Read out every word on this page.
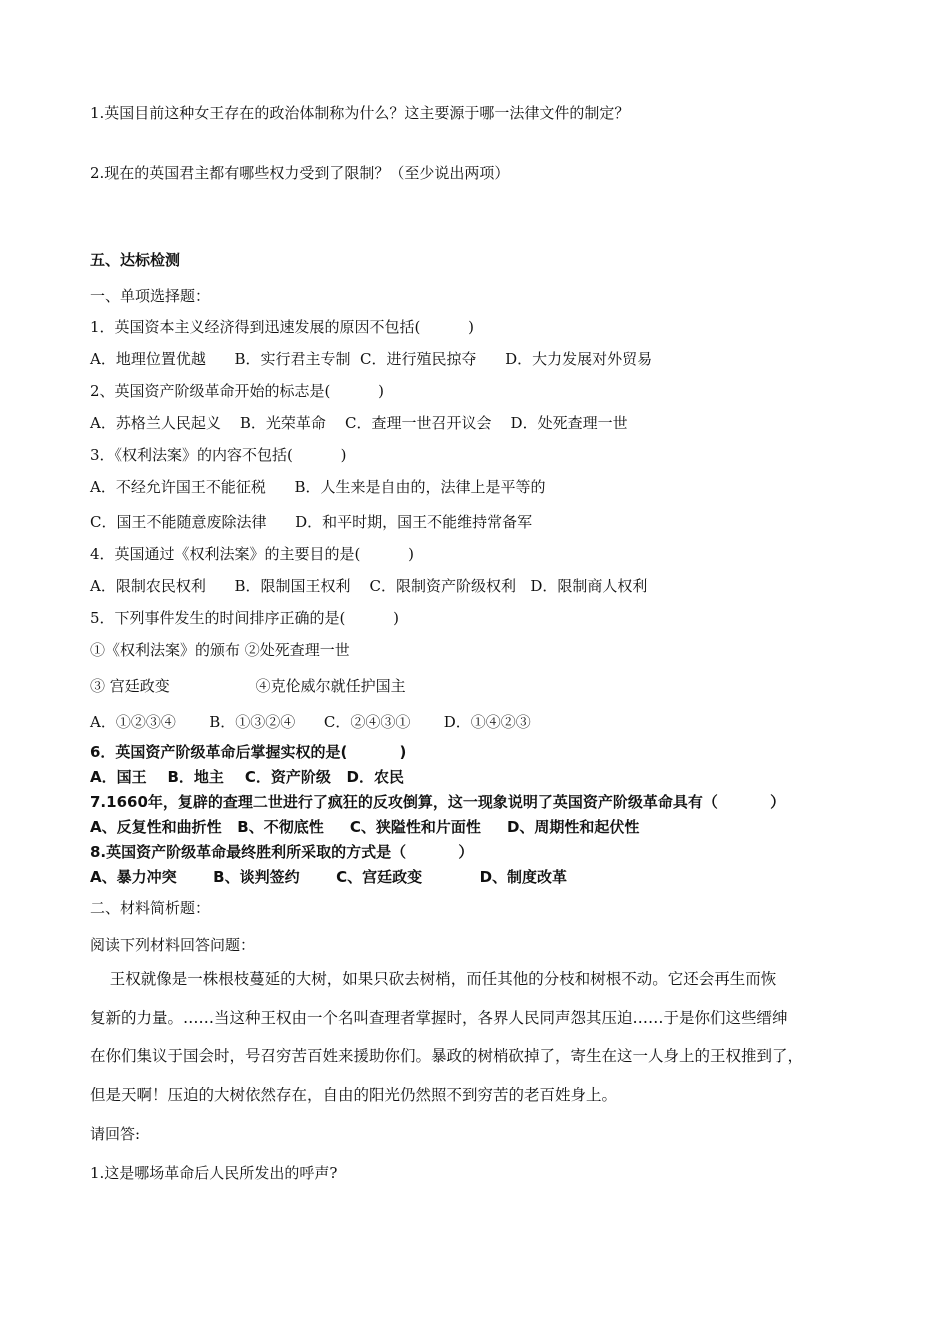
1.英国目前这种女王存在的政治体制称为什么？这主要源于哪一法律文件的制定？
2.现在的英国君主都有哪些权力受到了限制？（至少说出两项）
五、达标检测
一、单项选择题：
1．英国资本主义经济得到迅速发展的原因不包括(          )
A．地理位置优越      B．实行君主专制  C．进行殖民掠夺      D．大力发展对外贸易
2、英国资产阶级革命开始的标志是(          )
A．苏格兰人民起义    B．光荣革命    C．查理一世召开议会    D．处死查理一世
3．《权利法案》的内容不包括(          )
A．不经允许国王不能征税      B．人生来是自由的，法律上是平等的
C．国王不能随意废除法律      D．和平时期，国王不能维持常备军
4．英国通过《权利法案》的主要目的是(          )
A．限制农民权利      B．限制国王权利    C．限制资产阶级权利   D．限制商人权利
5．下列事件发生的时间排序正确的是(          )
①《权利法案》的颁布 ②处死查理一世
③ 宫廷政变                  ④克伦威尔就任护国主
A．①②③④       B．①③②④      C．②④③①       D．①④②③
6．英国资产阶级革命后掌握实权的是(          )
A．国王    B．地主    C．资产阶级   D．农民
7.1660年，复辟的查理二世进行了疯狂的反攻倒算，这一现象说明了英国资产阶级革命具有（          ）
A、反复性和曲折性   B、不彻底性     C、狭隘性和片面性     D、周期性和起伏性
8.英国资产阶级革命最终胜利所采取的方式是（          ）
A、暴力冲突       B、谈判签约       C、宫廷政变           D、制度改革
二、材料简析题：
阅读下列材料回答问题：
王权就像是一株根枝蔓延的大树，如果只砍去树梢，而任其他的分枝和树根不动。它还会再生而恢
复新的力量。……当这种王权由一个名叫查理者掌握时，各界人民同声怨其压迫……于是你们这些缙绅
在你们集议于国会时，号召穷苦百姓来援助你们。暴政的树梢砍掉了，寄生在这一人身上的王权推到了，
但是天啊！压迫的大树依然存在，自由的阳光仍然照不到穷苦的老百姓身上。
请回答:
1.这是哪场革命后人民所发出的呼声?
